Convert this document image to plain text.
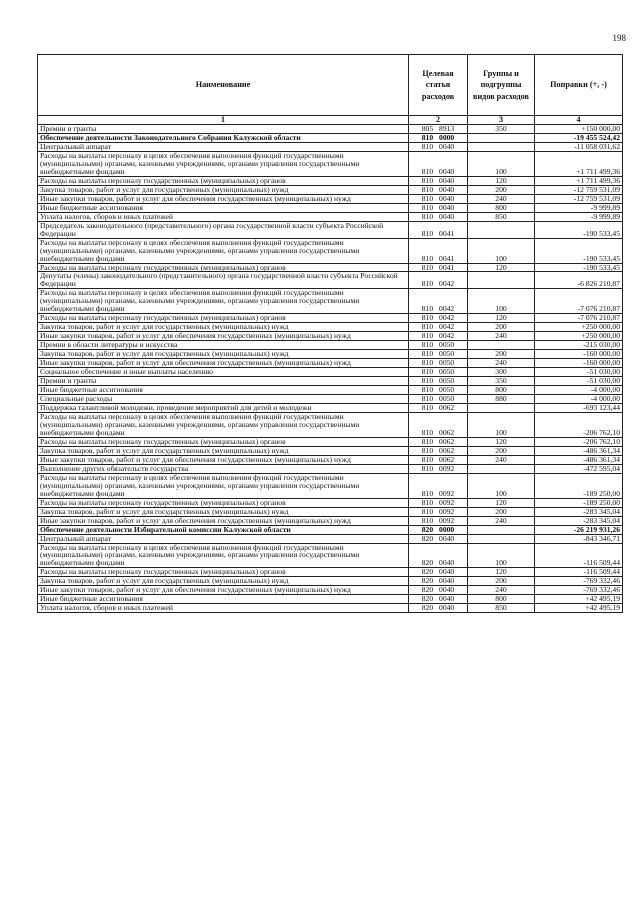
198
Наименование	Целевая статья расходов	Группы и подгруппы видов расходов	Поправки (+, -)
1	2	3	4
Премии и гранты	805 8913	350	+150 000,00
Обеспечение деятельности Законодательного Собрания Калужской области	810 0000		-19 455 524,42
Центральный аппарат	810 0040		-11 058 031,62
Расходы на выплаты персоналу в целях обеспечения выполнения функций государственными (муниципальными) органами, казенными учреждениями, органами управления государственными внебюджетными фондами	810 0040	100	+1 711 499,36
Расходы на выплаты персоналу государственных (муниципальных) органов	810 0040	120	+1 711 499,36
Закупка товаров, работ и услуг для государственных (муниципальных) нужд	810 0040	200	-12 759 531,09
Иные закупки товаров, работ и услуг для обеспечения государственных (муниципальных) нужд	810 0040	240	-12 759 531,09
Иные бюджетные ассигнования	810 0040	800	-9 999,89
Уплата налогов, сборов и иных платежей	810 0040	850	-9 999,89
Председатель законодательного (представительного) органа государственной власти субъекта Российской Федерации	810 0041		-190 533,45
Расходы на выплаты персоналу в целях обеспечения выполнения функций государственными (муниципальными) органами, казенными учреждениями, органами управления государственными внебюджетными фондами	810 0041	100	-190 533,45
Расходы на выплаты персоналу государственных (муниципальных) органов	810 0041	120	-190 533,45
Депутаты (члены) законодательного (представительного) органа государственной власти субъекта Российской Федерации	810 0042		-6 826 210,87
Расходы на выплаты персоналу в целях обеспечения выполнения функций государственными (муниципальными) органами, казенными учреждениями, органами управления государственными внебюджетными фондами	810 0042	100	-7 076 210,87
Расходы на выплаты персоналу государственных (муниципальных) органов	810 0042	120	-7 076 210,87
Закупка товаров, работ и услуг для государственных (муниципальных) нужд	810 0042	200	+250 000,00
Иные закупки товаров, работ и услуг для обеспечения государственных (муниципальных) нужд	810 0042	240	+250 000,00
Премии в области литературы и искусства	810 0050		-215 030,00
Закупка товаров, работ и услуг для государственных (муниципальных) нужд	810 0050	200	-160 000,00
Иные закупки товаров, работ и услуг для обеспечения государственных (муниципальных) нужд	810 0050	240	-160 000,00
Социальное обеспечение и иные выплаты населению	810 0050	300	-51 030,00
Премии и гранты	810 0050	350	-51 030,00
Иные бюджетные ассигнования	810 0050	800	-4 000,00
Специальные расходы	810 0050	880	-4 000,00
Поддержка талантливой молодежи, проведение мероприятий для детей и молодежи	810 0062		-693 123,44
Расходы на выплаты персоналу в целях обеспечения выполнения функций государственными (муниципальными) органами, казенными учреждениями, органами управления государственными внебюджетными фондами	810 0062	100	-206 762,10
Расходы на выплаты персоналу государственных (муниципальных) органов	810 0062	120	-206 762,10
Закупка товаров, работ и услуг для государственных (муниципальных) нужд	810 0062	200	-486 361,34
Иные закупки товаров, работ и услуг для обеспечения государственных (муниципальных) нужд	810 0062	240	-486 361,34
Выполнение других обязательств государства	810 0092		-472 595,04
Расходы на выплаты персоналу в целях обеспечения выполнения функций государственными (муниципальными) органами, казенными учреждениями, органами управления государственными внебюджетными фондами	810 0092	100	-189 250,00
Расходы на выплаты персоналу государственных (муниципальных) органов	810 0092	120	-189 250,00
Закупка товаров, работ и услуг для государственных (муниципальных) нужд	810 0092	200	-283 345,04
Иные закупки товаров, работ и услуг для обеспечения государственных (муниципальных) нужд	810 0092	240	-283 345,04
Обеспечение деятельности Избирательной комиссии Калужской области	820 0000		-26 219 931,26
Центральный аппарат	820 0040		-843 346,71
Расходы на выплаты персоналу в целях обеспечения выполнения функций государственными (муниципальными) органами, казенными учреждениями, органами управления государственными внебюджетными фондами	820 0040	100	-116 509,44
Расходы на выплаты персоналу государственных (муниципальных) органов	820 0040	120	-116 509,44
Закупка товаров, работ и услуг для государственных (муниципальных) нужд	820 0040	200	-769 332,46
Иные закупки товаров, работ и услуг для обеспечения государственных (муниципальных) нужд	820 0040	240	-769 332,46
Иные бюджетные ассигнования	820 0040	800	+42 495,19
Уплата налогов, сборов и иных платежей	820 0040	850	+42 495,19
